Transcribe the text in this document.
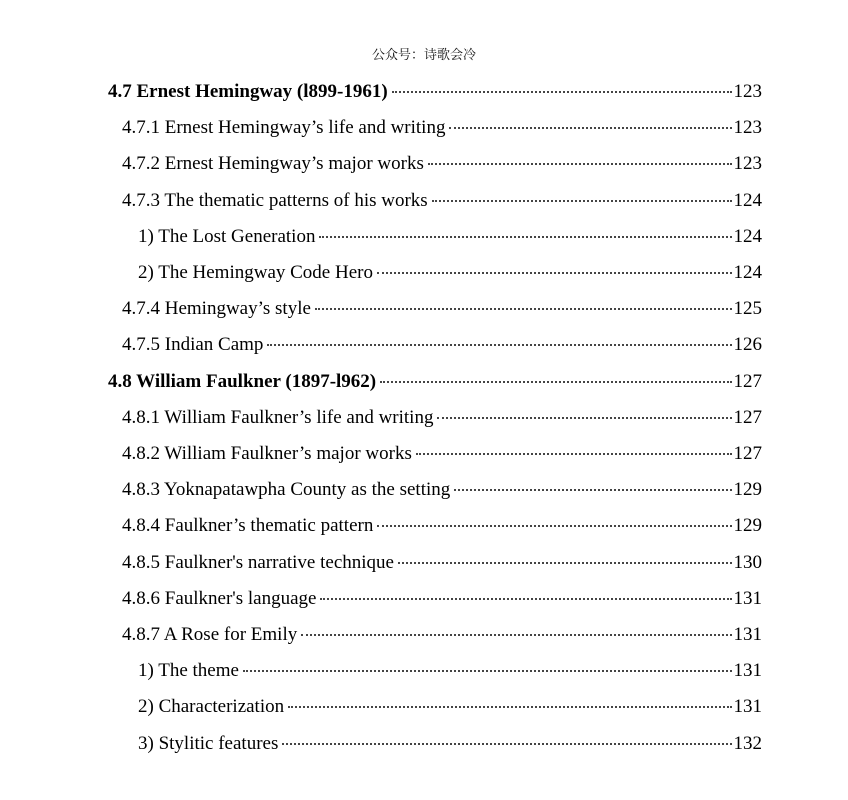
公众号：诗歌会冷
4.7 Ernest Hemingway (l899-1961)	123
4.7.1 Ernest Hemingway’s life and writing	123
4.7.2 Ernest Hemingway’s major works	123
4.7.3 The thematic patterns of his works	124
1) The Lost Generation	124
2) The Hemingway Code Hero	124
4.7.4 Hemingway’s style	125
4.7.5 Indian Camp	126
4.8 William Faulkner (1897-l962)	127
4.8.1 William Faulkner’s life and writing	127
4.8.2 William Faulkner’s major works	127
4.8.3 Yoknapatawpha County as the setting	129
4.8.4 Faulkner’s thematic pattern	129
4.8.5 Faulkner's narrative technique	130
4.8.6 Faulkner's language	131
4.8.7 A Rose for Emily	131
1) The theme	131
2) Characterization	131
3) Stylitic features	132
